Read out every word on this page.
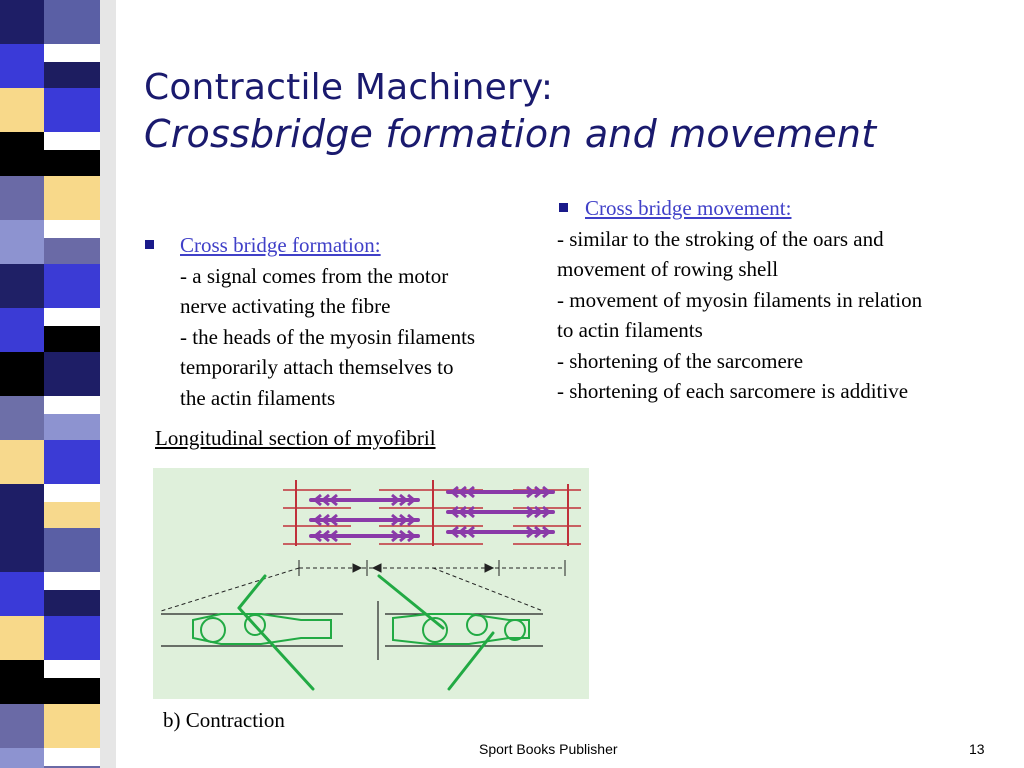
Contractile Machinery:
Crossbridge formation and movement
Cross bridge formation:
- a signal comes from the motor
nerve activating the fibre
- the heads of the myosin filaments
temporarily attach themselves to
the actin filaments
Cross bridge movement:
- similar to the stroking of the oars and
movement of rowing shell
- movement of myosin filaments in relation
to actin filaments
- shortening of the sarcomere
- shortening of each sarcomere is additive
Longitudinal section of myofibril
b) Contraction
Sport Books Publisher	13
